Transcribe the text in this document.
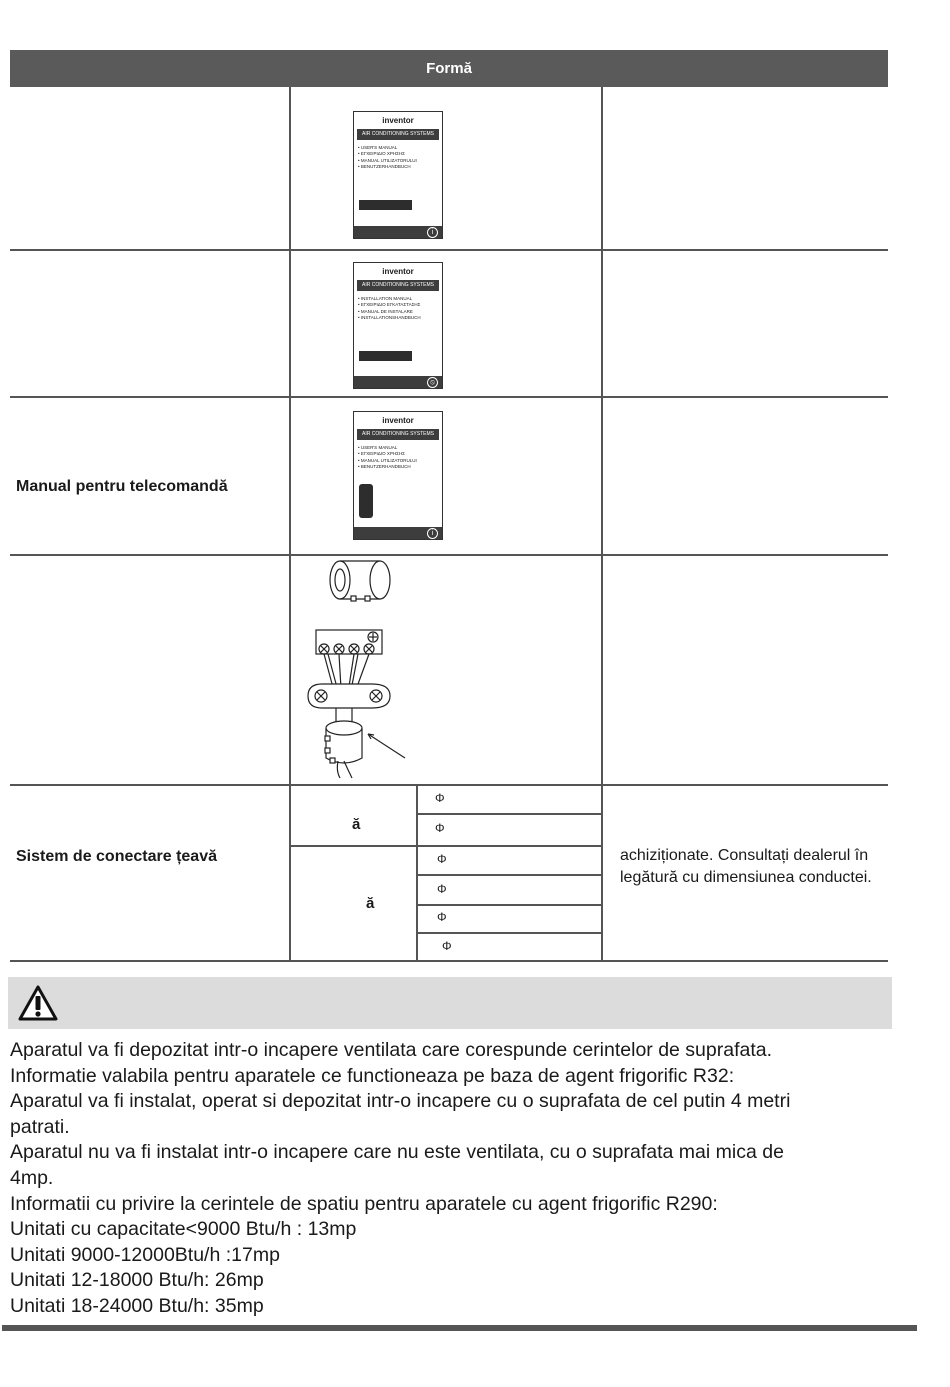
Formă
inventor
AIR CONDITIONING SYSTEMS
• USER'S MANUAL
• ΕΓΧΕΙΡΙΔΙΟ ΧΡΗΣΗΣ
• MANUAL UTILIZATORULUI
• BENUTZERHANDBUCH
i
inventor
AIR CONDITIONING SYSTEMS
• INSTALLATION MANUAL
• ΕΓΧΕΙΡΙΔΙΟ ΕΓΚΑΤΑΣΤΑΣΗΣ
• MANUAL DE INSTALARE
• INSTALLATIONSHANDBUCH
⦸
Manual pentru telecomandă
inventor
AIR CONDITIONING SYSTEMS
• USER'S MANUAL
• ΕΓΧΕΙΡΙΔΙΟ ΧΡΗΣΗΣ
• MANUAL UTILIZATORULUI
• BENUTZERHANDBUCH
i
Sistem de conectare țeavă
ă
ă
Φ
Φ
Φ
Φ
Φ
Φ
achiziționate. Consultați dealerul în legătură cu dimensiunea conductei.
Aparatul va fi depozitat intr-o incapere ventilata care corespunde cerintelor de suprafata.
Informatie valabila pentru aparatele ce functioneaza pe baza de agent frigorific R32:
Aparatul va fi instalat, operat si depozitat intr-o incapere cu o suprafata de cel putin 4 metri
patrati.
Aparatul nu va fi instalat intr-o incapere care nu este ventilata, cu o suprafata mai mica de
4mp.
Informatii cu privire la cerintele de spatiu pentru aparatele cu agent frigorific R290:
Unitati cu capacitate<9000 Btu/h : 13mp
Unitati 9000-12000Btu/h :17mp
Unitati 12-18000 Btu/h: 26mp
Unitati 18-24000 Btu/h: 35mp
